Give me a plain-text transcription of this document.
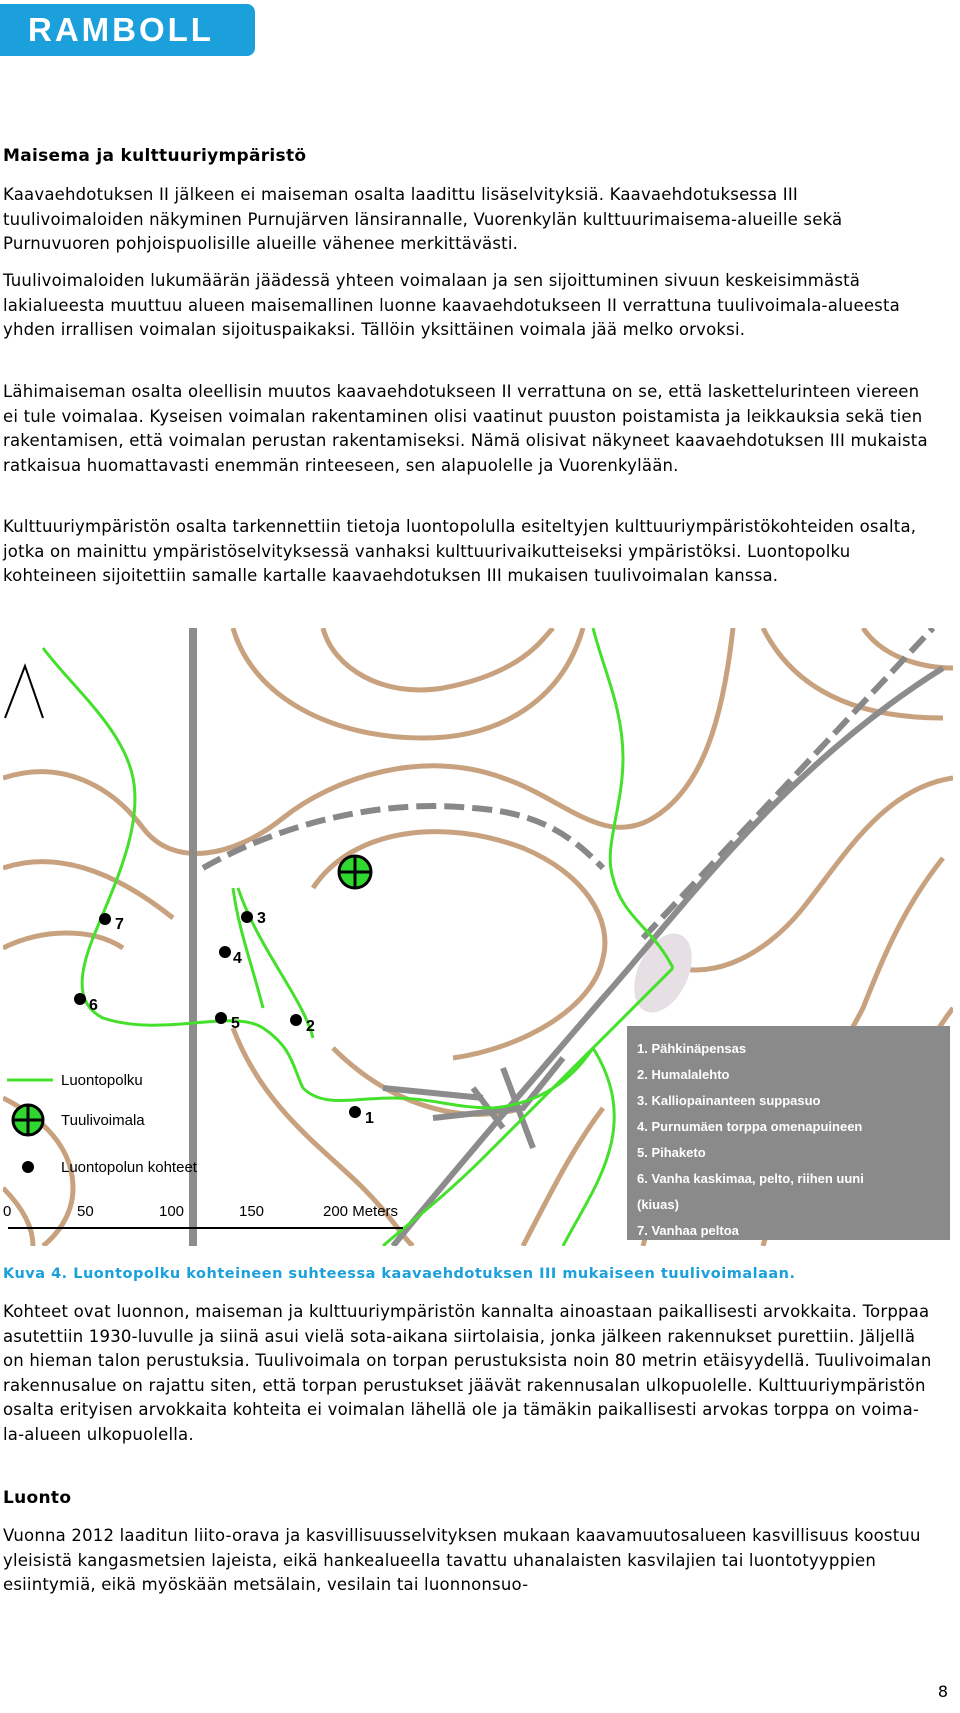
RAMBOLL
Maisema ja kulttuuriympäristö

Kaavaehdotuksen II jälkeen ei maiseman osalta laadittu lisäselvityksiä. Kaavaehdotuksessa III tuulivoimaloiden näkyminen Purnujärven länsirannalle, Vuorenkylän kulttuurimaisema-alueille sekä Purnuvuoren pohjoispuolisille alueille vähenee merkittävästi.

Tuulivoimaloiden lukumäärän jäädessä yhteen voimalaan ja sen sijoittuminen sivuun keskeisimmästä lakialueesta muuttuu alueen maisemallinen luonne kaavaehdotukseen II verrattuna tuulivoimala-alueesta yhden irrallisen voimalan sijoituspaikaksi. Tällöin yksittäinen voimala jää melko orvoksi.

Lähimaiseman osalta oleellisin muutos kaavaehdotukseen II verrattuna on se, että laskettelurinteen viereen ei tule voimalaa. Kyseisen voimalan rakentaminen olisi vaatinut puuston poistamista ja leikkauksia sekä tien rakentamisen, että voimalan perustan rakentamiseksi. Nämä olisivat näkyneet kaavaehdotuksen III mukaista ratkaisua huomattavasti enemmän rinteeseen, sen alapuolelle ja Vuorenkylään.

Kulttuuriympäristön osalta tarkennettiin tietoja luontopolulla esiteltyjen kulttuuriympäristökohteiden osalta, jotka on mainittu ympäristöselvityksessä vanhaksi kulttuurivaikutteiseksi ympäristöksi. Luontopolku kohteineen sijoitettiin samalle kartalle kaavaehdotuksen III mukaisen tuulivoimalan kanssa.

1
2
3
4
5
6
7
Luontopolku
Tuulivoimala
Luontopolun kohteet
0	50	100	150	200 Meters
1. Pähkinäpensas
2. Humalalehto
3. Kalliopainanteen suppasuo
4. Purnumäen torppa omenapuineen
5. Pihaketo
6. Vanha kaskimaa, pelto, riihen uuni
(kiuas)
7. Vanhaa peltoa
Kuva 4. Luontopolku kohteineen suhteessa kaavaehdotuksen III mukaiseen tuulivoimalaan.

Kohteet ovat luonnon, maiseman ja kulttuuriympäristön kannalta ainoastaan paikallisesti arvokkaita. Torppaa asutettiin 1930-luvulle ja siinä asui vielä sota-aikana siirtolaisia, jonka jälkeen rakennukset purettiin. Jäljellä on hieman talon perustuksia. Tuulivoimala on torpan perustuksista noin 80 metrin etäisyydellä. Tuulivoimalan rakennusalue on rajattu siten, että torpan perustukset jäävät rakennusalan ulkopuolelle. Kulttuuriympäristön osalta erityisen arvokkaita kohteita ei voimalan lähellä ole ja tämäkin paikallisesti arvokas torppa on voima-la-alueen ulkopuolella.

Luonto

Vuonna 2012 laaditun liito-orava ja kasvillisuusselvityksen mukaan kaavamuutosalueen kasvillisuus koostuu yleisistä kangasmetsien lajeista, eikä hankealueella tavattu uhanalaisten kasvilajien tai luontotyyppien esiintymiä, eikä myöskään metsälain, vesilain tai luonnonsuo-

8
